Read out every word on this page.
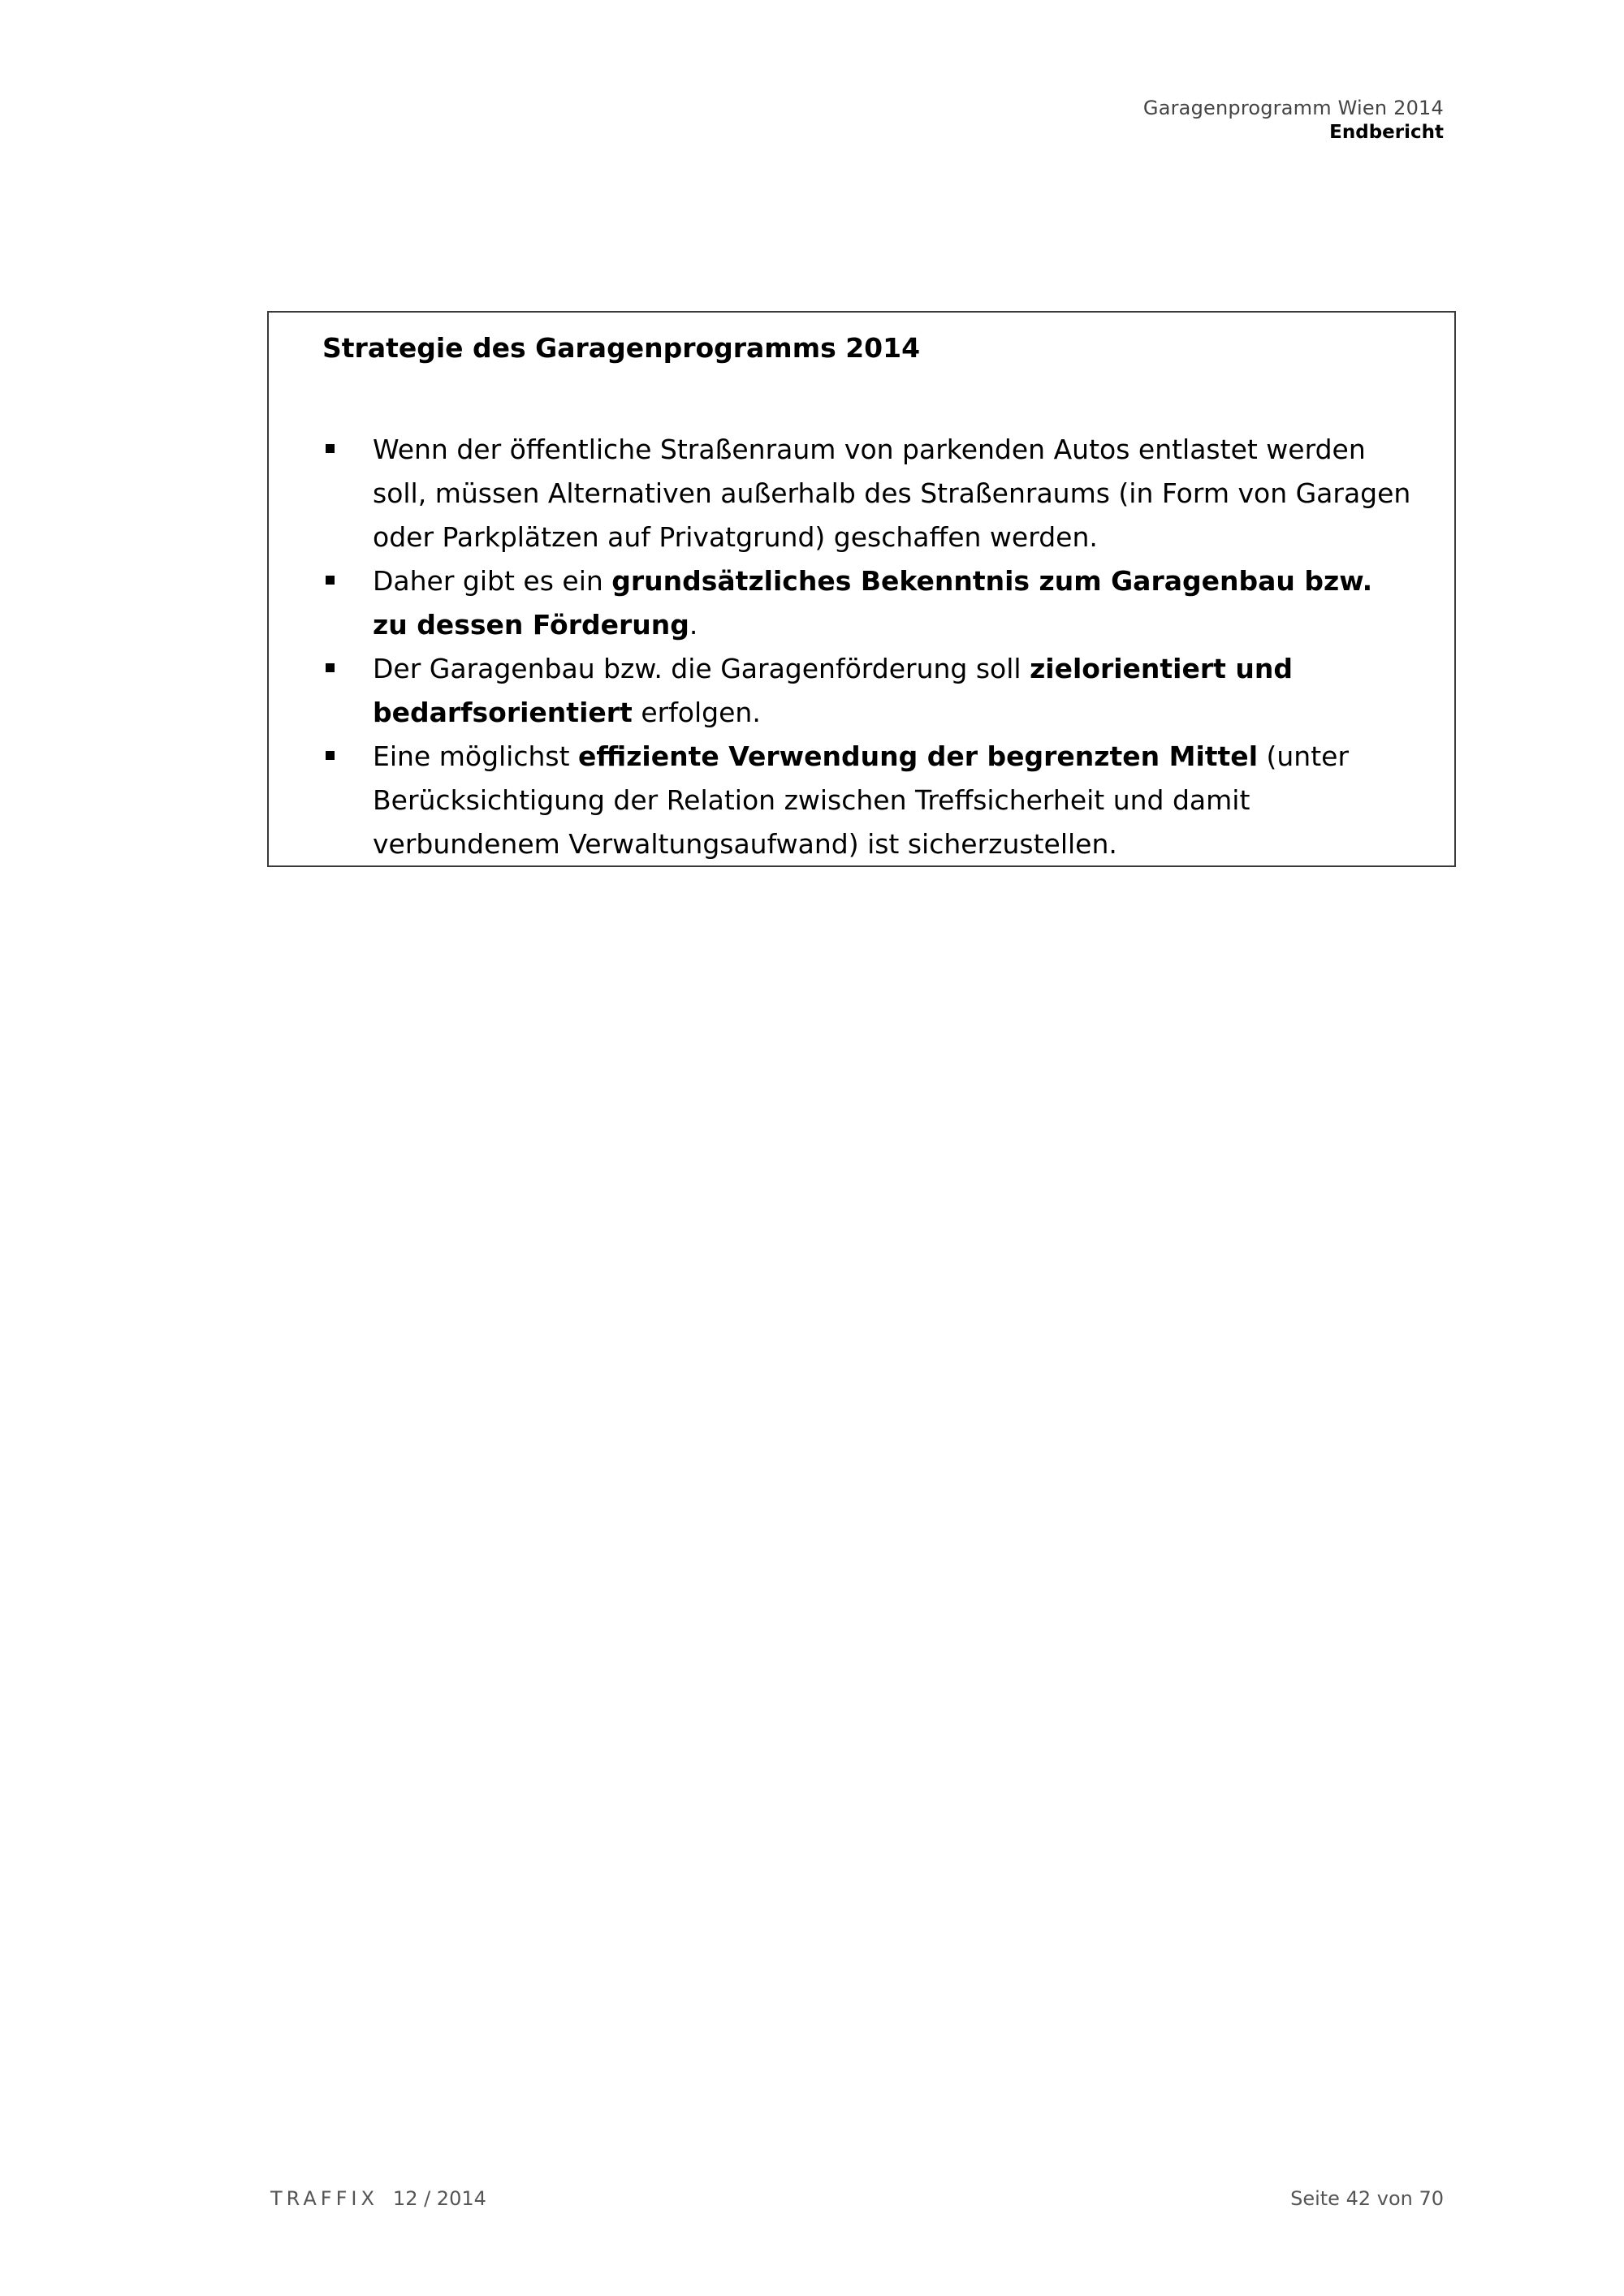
Garagenprogramm Wien 2014
Endbericht
Strategie des Garagenprogramms 2014
Wenn der öffentliche Straßenraum von parkenden Autos entlastet werden soll, müssen Alternativen außerhalb des Straßenraums (in Form von Garagen oder Parkplätzen auf Privatgrund) geschaffen werden.
Daher gibt es ein grundsätzliches Bekenntnis zum Garagenbau bzw. zu dessen Förderung.
Der Garagenbau bzw. die Garagenförderung soll zielorientiert und bedarfsorientiert erfolgen.
Eine möglichst effiziente Verwendung der begrenzten Mittel (unter Berücksichtigung der Relation zwischen Treffsicherheit und damit verbundenem Verwaltungsaufwand) ist sicherzustellen.
TRAFFIX 12 / 2014	Seite 42 von 70
